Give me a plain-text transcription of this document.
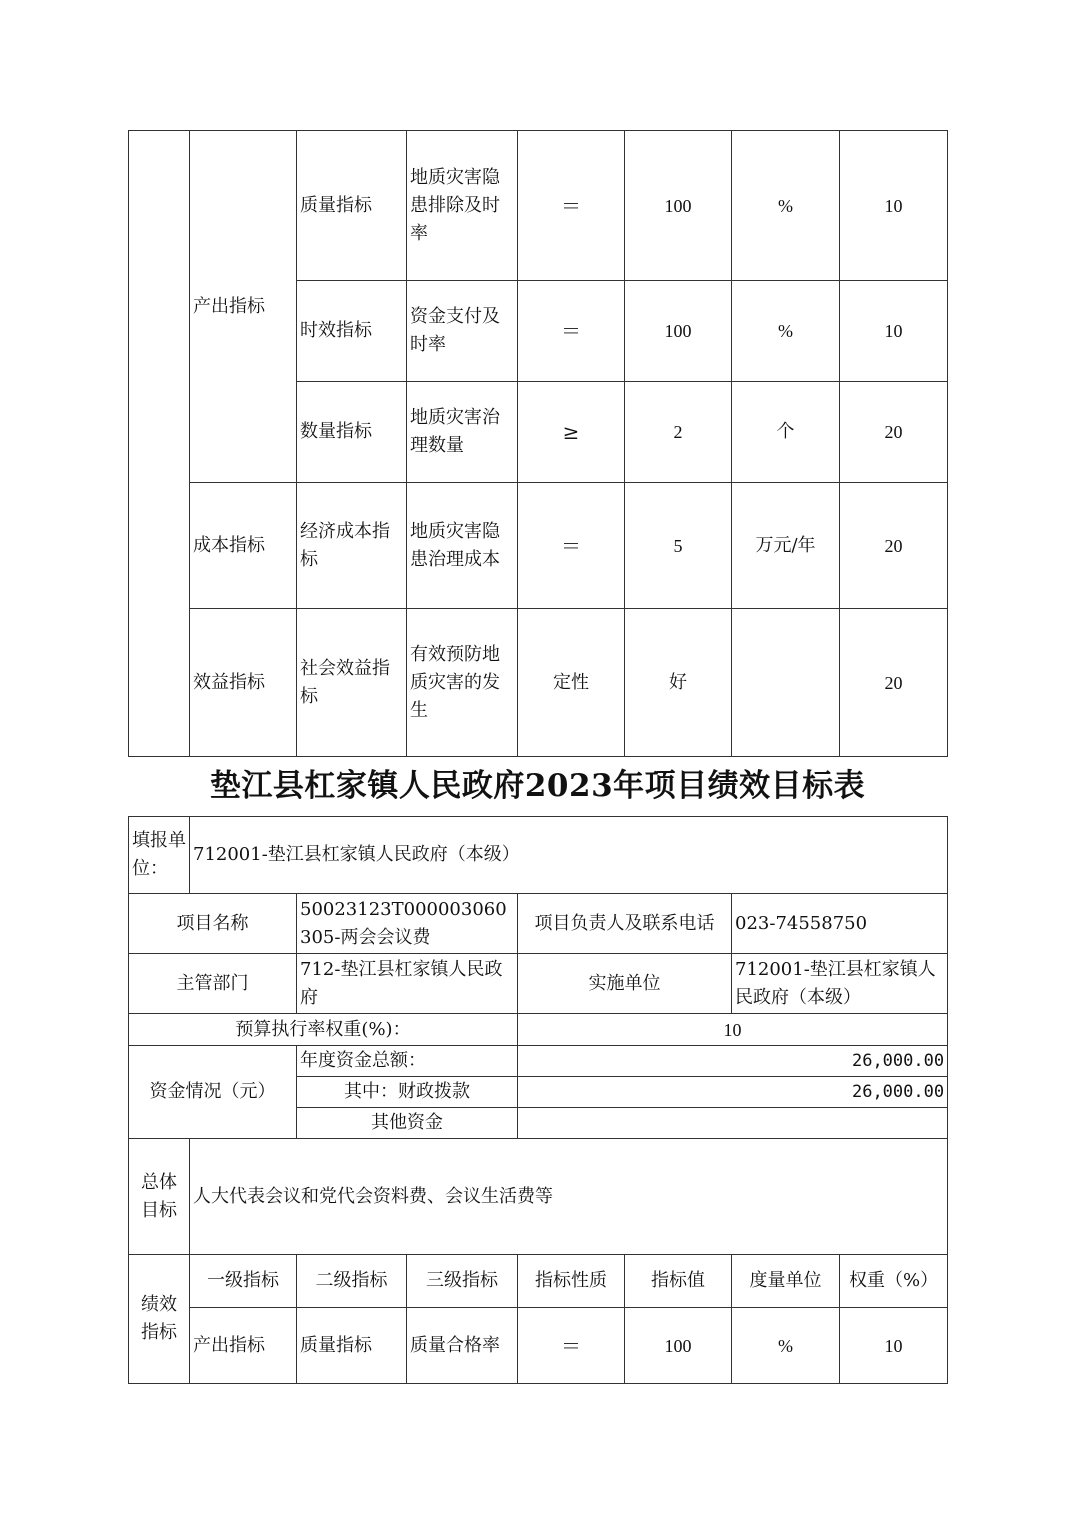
	产出指标	质量指标	地质灾害隐患排除及时率	＝	100	%	10
		时效指标	资金支付及时率	＝	100	%	10
		数量指标	地质灾害治理数量	≥	2	个	20
	成本指标	经济成本指标	地质灾害隐患治理成本	＝	5	万元/年	20
	效益指标	社会效益指标	有效预防地质灾害的发生	定性	好		20
垫江县杠家镇人民政府2023年项目绩效目标表
填报单位：	712001-垫江县杠家镇人民政府（本级）						
项目名称		50023123T000003060305-两会会议费		项目负责人及联系电话		023-74558750	
主管部门		712-垫江县杠家镇人民政府		实施单位		712001-垫江县杠家镇人民政府（本级）	
预算执行率权重(%)：				10			
资金情况（元）		年度资金总额：		26,000.00			
		其中：财政拨款		26,000.00			
		其他资金					
总体目标	人大代表会议和党代会资料费、会议生活费等						
绩效指标	一级指标	二级指标	三级指标	指标性质	指标值	度量单位	权重（%）
	产出指标	质量指标	质量合格率	＝	100	%	10
